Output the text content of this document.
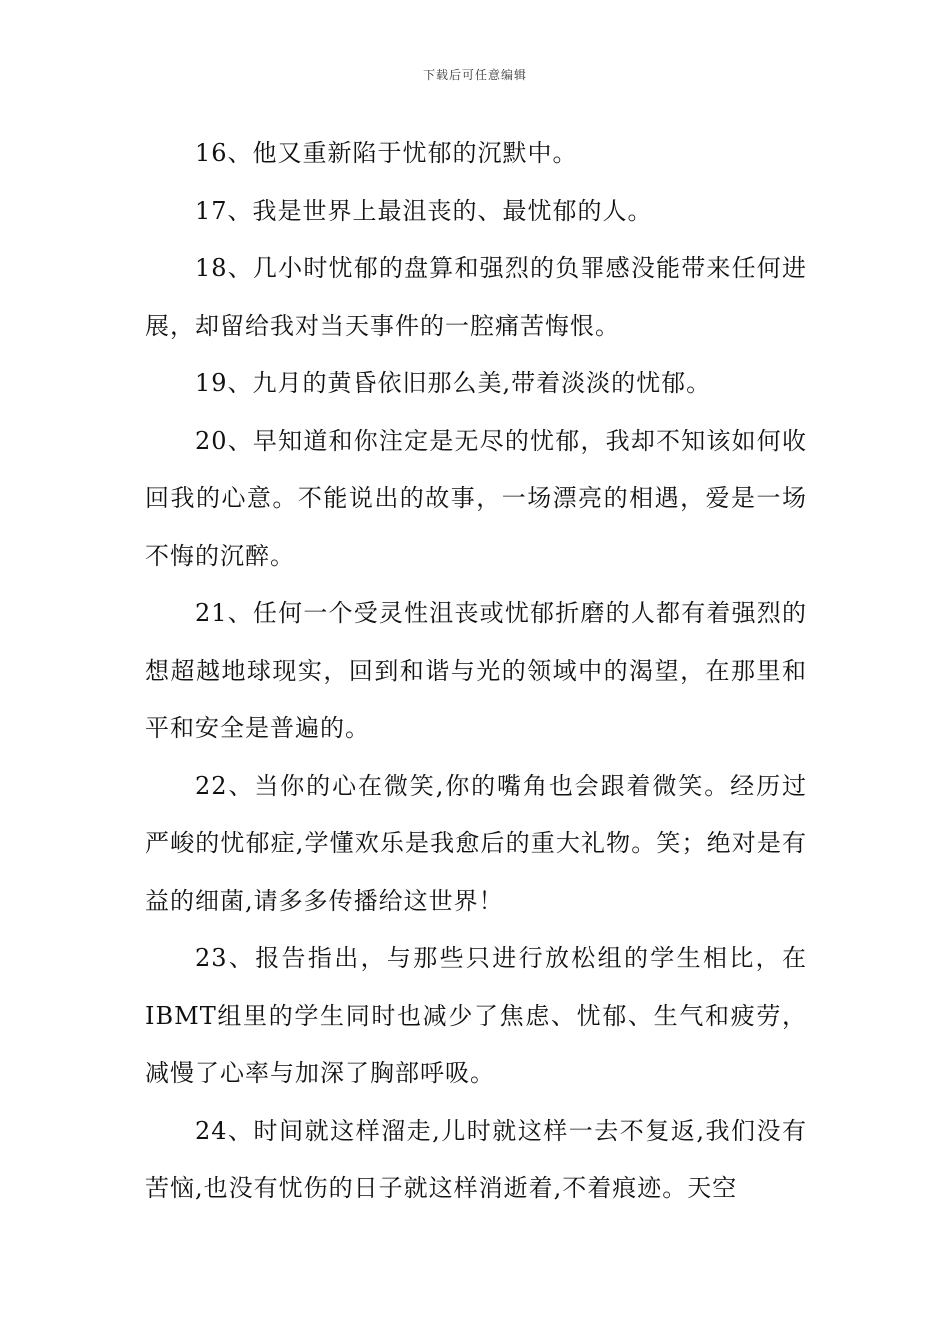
下载后可任意编辑

16、他又重新陷于忧郁的沉默中。

17、我是世界上最沮丧的、最忧郁的人。

18、几小时忧郁的盘算和强烈的负罪感没能带来任何进展，却留给我对当天事件的一腔痛苦悔恨。

19、九月的黄昏依旧那么美,带着淡淡的忧郁。

20、早知道和你注定是无尽的忧郁，我却不知该如何收回我的心意。不能说出的故事，一场漂亮的相遇，爱是一场不悔的沉醉。

21、任何一个受灵性沮丧或忧郁折磨的人都有着强烈的想超越地球现实，回到和谐与光的领域中的渴望，在那里和平和安全是普遍的。

22、当你的心在微笑,你的嘴角也会跟着微笑。经历过严峻的忧郁症,学懂欢乐是我愈后的重大礼物。笑；绝对是有益的细菌,请多多传播给这世界！

23、报告指出，与那些只进行放松组的学生相比，在IBMT组里的学生同时也减少了焦虑、忧郁、生气和疲劳，减慢了心率与加深了胸部呼吸。

24、时间就这样溜走,儿时就这样一去不复返,我们没有苦恼,也没有忧伤的日子就这样消逝着,不着痕迹。天空
